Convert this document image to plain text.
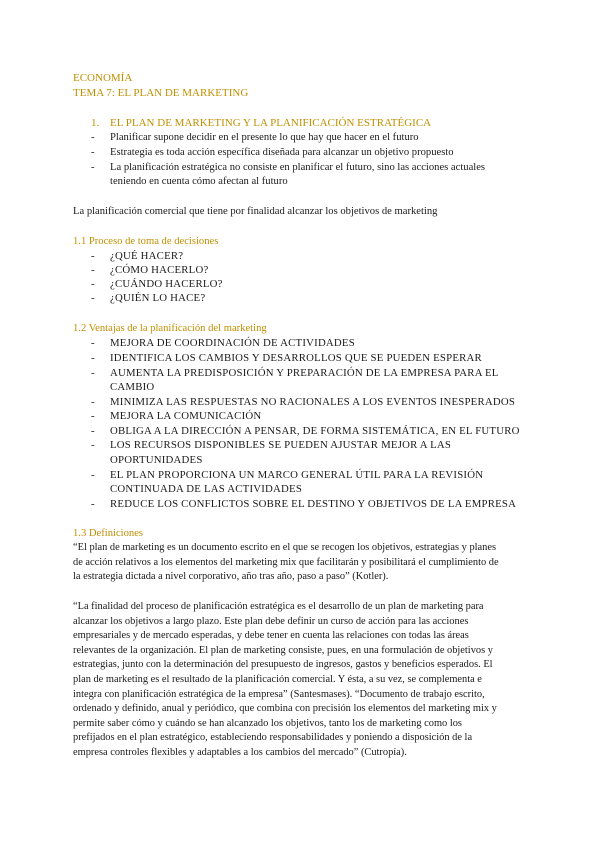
ECONOMÍA
TEMA 7: EL PLAN DE MARKETING
1. EL PLAN DE MARKETING Y LA PLANIFICACIÓN ESTRATÉGICA
- Planificar supone decidir en el presente lo que hay que hacer en el futuro
- Estrategia es toda acción específica diseñada para alcanzar un objetivo propuesto
- La planificación estratégica no consiste en planificar el futuro, sino las acciones actuales
teniendo en cuenta cómo afectan al futuro
La planificación comercial que tiene por finalidad alcanzar los objetivos de marketing
1.1 Proceso de toma de decisiones
- ¿QUÉ HACER?
- ¿CÓMO HACERLO?
- ¿CUÁNDO HACERLO?
- ¿QUIÉN LO HACE?
1.2 Ventajas de la planificación del marketing
- MEJORA DE COORDINACIÓN DE ACTIVIDADES
- IDENTIFICA LOS CAMBIOS Y DESARROLLOS QUE SE PUEDEN ESPERAR
- AUMENTA LA PREDISPOSICIÓN Y PREPARACIÓN DE LA EMPRESA PARA EL
CAMBIO
- MINIMIZA LAS RESPUESTAS NO RACIONALES A LOS EVENTOS INESPERADOS
- MEJORA LA COMUNICACIÓN
- OBLIGA A LA DIRECCIÓN A PENSAR, DE FORMA SISTEMÁTICA, EN EL FUTURO
- LOS RECURSOS DISPONIBLES SE PUEDEN AJUSTAR MEJOR A LAS
OPORTUNIDADES
- EL PLAN PROPORCIONA UN MARCO GENERAL ÚTIL PARA LA REVISIÓN
CONTINUADA DE LAS ACTIVIDADES
- REDUCE LOS CONFLICTOS SOBRE EL DESTINO Y OBJETIVOS DE LA EMPRESA
1.3 Definiciones
“El plan de marketing es un documento escrito en el que se recogen los objetivos, estrategias y planes
de acción relativos a los elementos del marketing mix que facilitarán y posibilitará el cumplimiento de
la estrategia dictada a nivel corporativo, año tras año, paso a paso” (Kotler).
“La finalidad del proceso de planificación estratégica es el desarrollo de un plan de marketing para
alcanzar los objetivos a largo plazo. Este plan debe definir un curso de acción para las acciones
empresariales y de mercado esperadas, y debe tener en cuenta las relaciones con todas las áreas
relevantes de la organización. El plan de marketing consiste, pues, en una formulación de objetivos y
estrategias, junto con la determinación del presupuesto de ingresos, gastos y beneficios esperados. El
plan de marketing es el resultado de la planificación comercial. Y ésta, a su vez, se complementa e
integra con planificación estratégica de la empresa” (Santesmases). “Documento de trabajo escrito,
ordenado y definido, anual y periódico, que combina con precisión los elementos del marketing mix y
permite saber cómo y cuándo se han alcanzado los objetivos, tanto los de marketing como los
prefijados en el plan estratégico, estableciendo responsabilidades y poniendo a disposición de la
empresa controles flexibles y adaptables a los cambios del mercado” (Cutropía).
